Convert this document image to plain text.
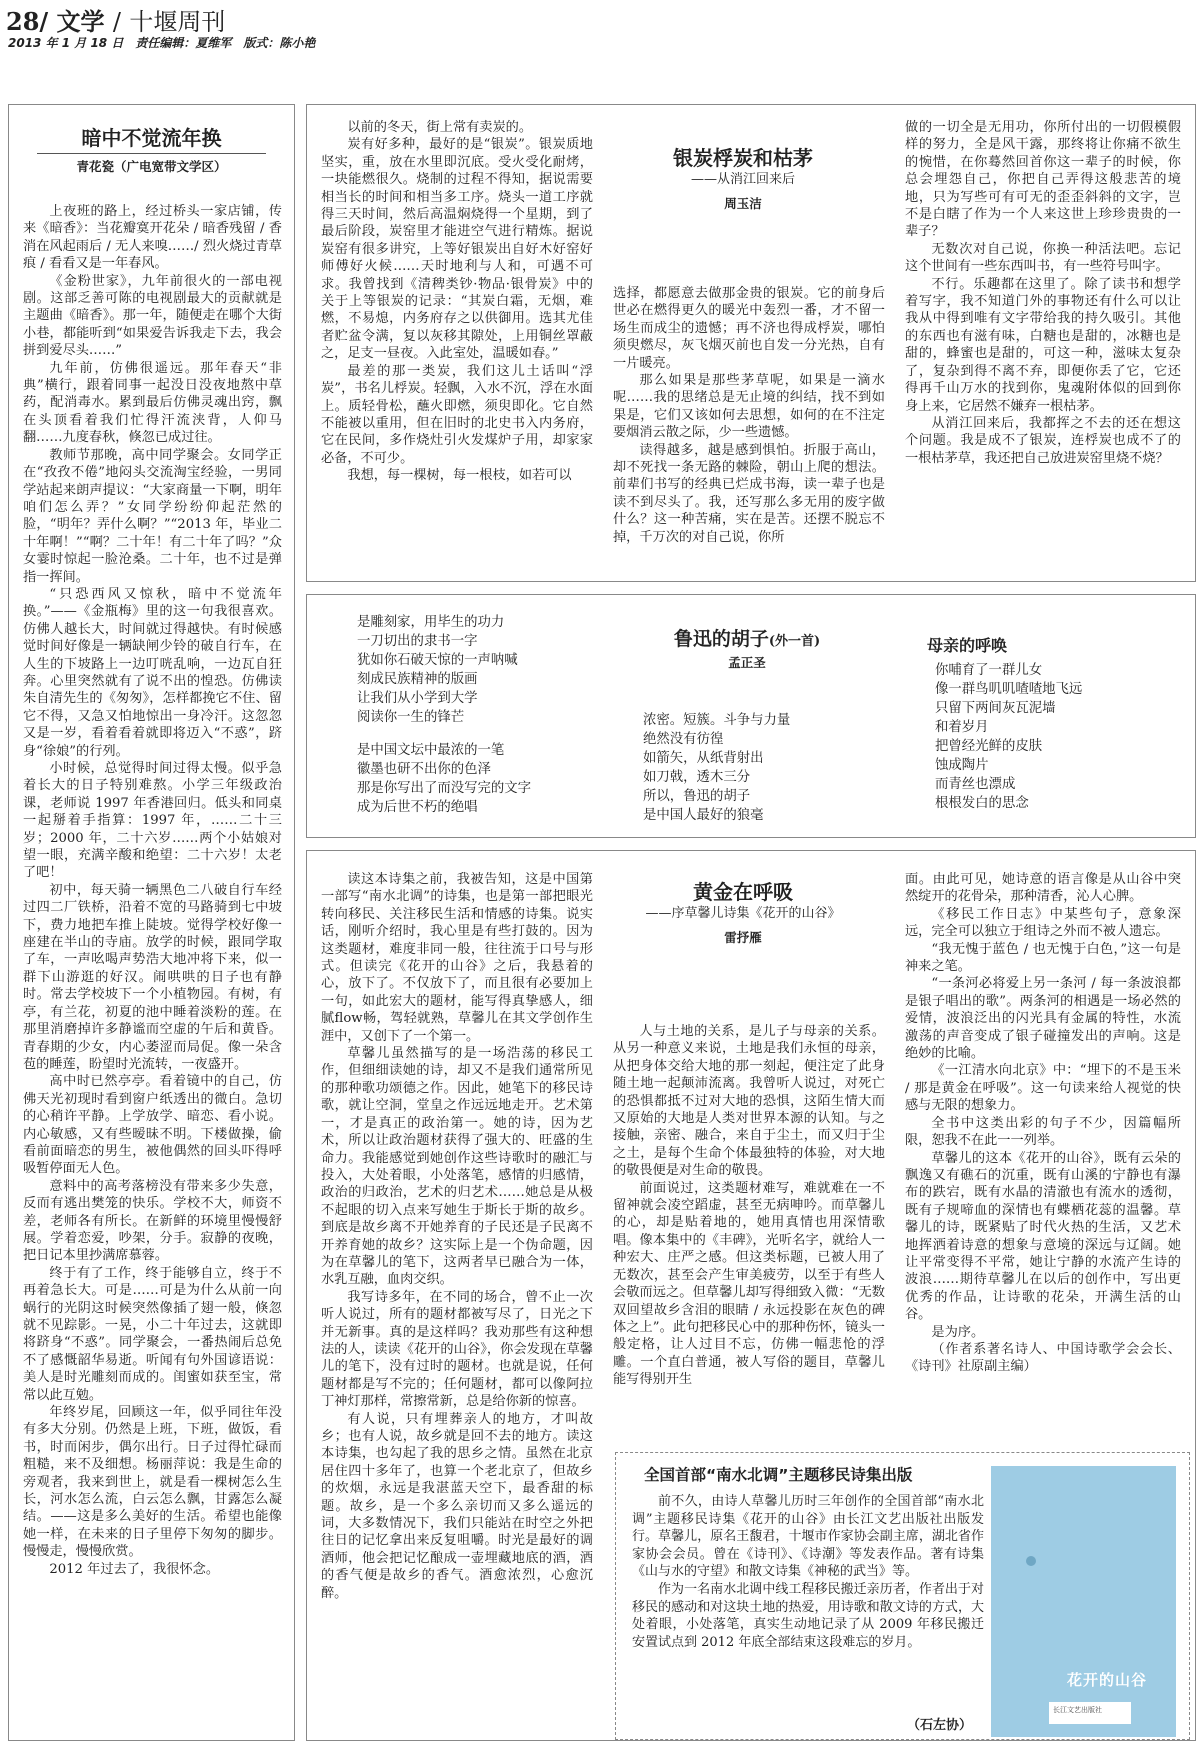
28/ 文学 / 十堰周刊
2013 年 1 月 18 日　责任编辑：夏维军　版式：陈小艳
暗中不觉流年换
青花瓷（广电宽带文学区）

上夜班的路上，经过桥头一家店铺，传来《暗香》：当花瓣寞开花朵 / 暗香残留 / 香消在风起雨后 / 无人来嗅……/ 烈火烧过青草痕 / 看看又是一年春风。

《金粉世家》，九年前很火的一部电视剧。这部乏善可陈的电视剧最大的贡献就是主题曲《暗香》。那一年，随便走在哪个大街小巷，都能听到“如果爱告诉我走下去，我会拼到爱尽头……”

九年前，仿佛很遥远。那年春天“非典”横行，跟着同事一起没日没夜地熬中草药，配消毒水。累到最后仿佛灵魂出窍，飘在头顶看着我们忙得汗流浃背，人仰马翻……九度春秋，倏忽已成过往。

教师节那晚，高中同学聚会。女同学正在“孜孜不倦”地闷头交流淘宝经验，一男同学站起来朗声提议：“大家商量一下啊，明年咱们怎么弄？”女同学纷纷仰起茫然的脸，“明年？弄什么啊？”“2013 年，毕业二十年啊！”“啊？二十年！有二十年了吗？”众女霎时惊起一脸沧桑。二十年，也不过是弹指一挥间。

“只恐西风又惊秋，暗中不觉流年换。”——《金瓶梅》里的这一句我很喜欢。仿佛人越长大，时间就过得越快。有时候感觉时间好像是一辆缺闸少铃的破自行车，在人生的下坡路上一边叮咣乱响，一边瓦自狂奔。心里突然就有了说不出的惶恐。仿佛读朱自清先生的《匆匆》，怎样都挽它不住、留它不得，又急又怕地惊出一身冷汗。这忽忽又是一岁，看着看着就即将迈入“不惑”，跻身“徐娘”的行列。

小时候，总觉得时间过得太慢。似乎急着长大的日子特别难熬。小学三年级政治课，老师说 1997 年香港回归。低头和同桌一起掰着手指算：1997 年，……二十三岁；2000 年，二十六岁……两个小姑娘对望一眼，充满辛酸和绝望：二十六岁！太老了吧！

初中，每天骑一辆黑色二八破自行车经过四二厂铁桥，沿着不宽的马路骑到七中坡下，费力地把车推上陡坡。觉得学校好像一座建在半山的寺庙。放学的时候，跟同学取了车，一声吆喝声势浩大地冲将下来，似一群下山游逛的好汉。闹哄哄的日子也有静时。常去学校坡下一个小植物园。有树，有亭，有兰花，初夏的池中睡着淡粉的莲。在那里消磨掉许多静谧而空虚的午后和黄昏。青春期的少女，内心萎涩而局促。像一朵含苞的睡莲，盼望时光流转，一夜盛开。

高中时已然亭亭。看着镜中的自己，仿佛天光初现时看到窗户纸透出的微白。急切的心稍许平静。上学放学、暗恋、看小说。内心敏感，又有些暧昧不明。下楼做操，偷看前面暗恋的男生，被他偶然的回头吓得呼吸暂停面无人色。

意料中的高考落榜没有带来多少失意，反而有逃出樊笼的快乐。学校不大，师资不差，老师各有所长。在新鲜的环境里慢慢舒展。学着恋爱，吵架，分手。寂静的夜晚，把日记本里抄满席慕蓉。

终于有了工作，终于能够自立，终于不再着急长大。可是……可是为什么从前一向蜗行的光阴这时候突然像插了翅一般，倏忽就不见踪影。一晃，小二十年过去，这就即将跻身“不惑”。同学聚会，一番热闹后总免不了感慨韶华易逝。听闻有句外国谚语说：美人是时光雕刻而成的。闺蜜如获至宝，常常以此互勉。

年终岁尾，回顾这一年，似乎同往年没有多大分别。仍然是上班，下班，做饭，看书，时而闲步，偶尔出行。日子过得忙碌而粗糙，来不及细想。杨丽萍说：我是生命的旁观者，我来到世上，就是看一棵树怎么生长，河水怎么流，白云怎么飘，甘露怎么凝结。——这是多么美好的生活。希望也能像她一样，在未来的日子里停下匆匆的脚步。慢慢走，慢慢欣赏。

2012 年过去了，我很怀念。

以前的冬天，街上常有卖炭的。

炭有好多种，最好的是“银炭”。银炭质地坚实，重，放在水里即沉底。受火受化耐烤，一块能燃很久。烧制的过程不得知，据说需要相当长的时间和相当多工序。烧头一道工序就得三天时间，然后高温焖烧得一个星期，到了最后阶段，炭窑里才能进空气进行精炼。据说炭窑有很多讲究，上等好银炭出自好木好窑好师傅好火候……天时地利与人和，可遇不可求。我曾找到《清稗类钞·物品·银骨炭》中的关于上等银炭的记录：“其炭白霜，无烟，难燃，不易熄，内务府存之以供御用。选其尤佳者贮盆令满，复以灰移其隙处，上用铜丝罩蔽之，足支一昼夜。入此室处，温暖如春。”

最差的那一类炭，我们这儿土话叫“浮炭”，书名儿桴炭。轻飘，入水不沉，浮在水面上。质轻骨松，蘸火即燃，须臾即化。它自然不能被以重用，但在旧时的北史书入内务府，它在民间，多作烧灶引火发煤炉子用，却家家必备，不可少。

我想，每一棵树，每一根枝，如若可以

银炭桴炭和枯茅
——从消江回来后
周玉洁

选择，都愿意去做那金贵的银炭。它的前身后世必在燃得更久的暖光中轰烈一番，才不留一场生而成尘的遗憾；再不济也得成桴炭，哪怕须臾燃尽，灰飞烟灭前也自发一分光热，自有一片暖亮。

那么如果是那些茅草呢，如果是一滴水呢……我的思绪总是无止境的纠结，找不到如果是，它们又该如何去思想，如何的在不注定要烟消云散之际，少一些遗憾。

读得越多，越是感到惧怕。折服于高山，却不死找一条无路的棘险，朝山上爬的想法。前辈们书写的经典已烂成书海，读一辈子也是读不到尽头了。我，还写那么多无用的废字做什么？这一种苦痛，实在是苦。还摆不脱忘不掉，千万次的对自己说，你所

做的一切全是无用功，你所付出的一切假模假样的努力，全是风干露，那终将让你痛不欲生的惋惜，在你蓦然回首你这一辈子的时候，你总会埋怨自己，你把自己弄得这般悲苦的境地，只为写些可有可无的歪歪斜斜的文字，岂不是白瞎了作为一个人来这世上珍珍贵贵的一辈子？

无数次对自己说，你换一种活法吧。忘记这个世间有一些东西叫书，有一些符号叫字。

不行。乐趣都在这里了。除了读书和想学着写字，我不知道门外的事物还有什么可以让我从中得到唯有文字带给我的持久吸引。其他的东西也有滋有味，白糖也是甜的，冰糖也是甜的，蜂蜜也是甜的，可这一种，滋味太复杂了，复杂到得不离不弃，即便你丢了它，它还得再千山万水的找到你，鬼魂附体似的回到你身上来，它居然不嫌弃一根枯茅。

从消江回来后，我都挥之不去的还在想这个问题。我是成不了银炭，连桴炭也成不了的一根枯茅草，我还把自己放进炭窑里烧不烧？

是雕刻家，用毕生的功力
一刀切出的隶书一字
犹如你石破天惊的一声呐喊
刻成民族精神的版画
让我们从小学到大学
阅读你一生的锋芒
是中国文坛中最浓的一笔
徽墨也研不出你的色泽
那是你写出了而没写完的文字
成为后世不朽的绝唱
鲁迅的胡子(外一首)
孟正圣
浓密。短簇。斗争与力量
绝然没有彷徨
如箭矢，从纸背射出
如刀戟，透木三分
所以，鲁迅的胡子
是中国人最好的狼毫
母亲的呼唤
你哺育了一群儿女
像一群鸟叽叽喳喳地飞远
只留下两间灰瓦泥墙
和着岁月
把曾经光鲜的皮肤
蚀成陶片
而青丝也漂成
根根发白的思念

读这本诗集之前，我被告知，这是中国第一部写“南水北调”的诗集，也是第一部把眼光转向移民、关注移民生活和情感的诗集。说实话，刚听介绍时，我心里是有些打鼓的。因为这类题材，难度非同一般，往往流于口号与形式。但读完《花开的山谷》之后，我悬着的心，放下了。不仅放下了，而且很有必要加上一句，如此宏大的题材，能写得真挚感人，细腻flow畅，驾轻就熟，草馨儿在其文学创作生涯中，又创下了一个第一。

草馨儿虽然描写的是一场浩荡的移民工作，但细细读她的诗，却又不是我们通常所见的那种歌功颂德之作。因此，她笔下的移民诗歌，就让空洞，堂皇之作远远地走开。艺术第一，才是真正的政治第一。她的诗，因为艺术，所以让政治题材获得了强大的、旺盛的生命力。我能感觉到她创作这些诗歌时的融汇与投入，大处着眼，小处落笔，感情的归感情，政治的归政治，艺术的归艺术……她总是从极不起眼的切入点来写她生于斯长于斯的故乡。到底是故乡离不开她养育的子民还是子民离不开养育她的故乡？这实际上是一个伪命题，因为在草馨儿的笔下，这两者早已融合为一体，水乳互融，血肉交织。

我写诗多年，在不同的场合，曾不止一次听人说过，所有的题材都被写尽了，日光之下并无新事。真的是这样吗？我劝那些有这种想法的人，读读《花开的山谷》，你会发现在草馨儿的笔下，没有过时的题材。也就是说，任何题材都是写不完的；任何题材，都可以像阿拉丁神灯那样，常擦常新，总是给你新的惊喜。

有人说，只有埋葬亲人的地方，才叫故乡；也有人说，故乡就是回不去的地方。读这本诗集，也勾起了我的思乡之情。虽然在北京居住四十多年了，也算一个老北京了，但故乡的炊烟，永远是我湛蓝天空下，最香甜的标题。故乡，是一个多么亲切而又多么遥远的词，大多数情况下，我们只能站在时空之外把往日的记忆拿出来反复咀嚼。时光是最好的调酒师，他会把记忆酿成一壶埋藏地底的酒，酒的香气便是故乡的香气。酒愈浓烈，心愈沉醉。

黄金在呼吸
——序草馨儿诗集《花开的山谷》
雷抒雁

人与土地的关系，是儿子与母亲的关系。从另一种意义来说，土地是我们永恒的母亲，从把身体交给大地的那一刻起，便注定了此身随土地一起颠沛流离。我曾听人说过，对死亡的恐惧都抵不过对大地的恐惧，这陌生情大而又原始的大地是人类对世界本源的认知。与之接触，亲密、融合，来自于尘土，而又归于尘之土，是每个生命个体最独特的体验，对大地的敬畏便是对生命的敬畏。

前面说过，这类题材难写，难就难在一不留神就会凌空蹈虚，甚至无病呻吟。而草馨儿的心，却是贴着地的，她用真情也用深情歌唱。像本集中的《丰碑》，光听名字，就给人一种宏大、庄严之感。但这类标题，已被人用了无数次，甚至会产生审美疲劳，以至于有些人会敬而远之。但草馨儿却写得细致入微：“无数双回望故乡含泪的眼睛 / 永远投影在灰色的碑体之上”。此句把移民心中的那种伤怀，镜头一般定格，让人过目不忘，仿佛一幅悲怆的浮雕。一个直白普通，被人写俗的题目，草馨儿能写得别开生

面。由此可见，她诗意的语言像是从山谷中突然绽开的花骨朵，那种清香，沁人心脾。

《移民工作日志》中某些句子，意象深远，完全可以独立于组诗之外而不被人遗忘。

“我无愧于蓝色 / 也无愧于白色，”这一句是神来之笔。

“一条河必将爱上另一条河 / 每一条波浪都是银子唱出的歌”。两条河的相遇是一场必然的爱情，波浪泛出的闪光具有金属的特性，水流激荡的声音变成了银子碰撞发出的声响。这是绝妙的比喻。

《一江清水向北京》中：“埋下的不是玉米 / 那是黄金在呼吸”。这一句读来给人视觉的快感与无限的想象力。

全书中这类出彩的句子不少，因篇幅所限，恕我不在此一一列举。

草馨儿的这本《花开的山谷》，既有云朵的飘逸又有礁石的沉重，既有山溪的宁静也有瀑布的跌宕，既有水晶的清澈也有流水的透彻，既有子规啼血的深情也有蝶栖花蕊的温馨。草馨儿的诗，既紧贴了时代火热的生活，又艺术地挥洒着诗意的想象与意境的深远与辽阔。她让平常变得不平常，她让宁静的水流产生诗的波浪……期待草馨儿在以后的创作中，写出更优秀的作品，让诗歌的花朵，开满生活的山谷。

是为序。

（作者系著名诗人、中国诗歌学会会长、《诗刊》社原副主编）

全国首部“南水北调”主题移民诗集出版

前不久，由诗人草馨儿历时三年创作的全国首部“南水北调”主题移民诗集《花开的山谷》由长江文艺出版社出版发行。草馨儿，原名王馥君，十堰市作家协会副主席，湖北省作家协会会员。曾在《诗刊》、《诗潮》等发表作品。著有诗集《山与水的守望》和散文诗集《神秘的武当》等。

作为一名南水北调中线工程移民搬迁亲历者，作者出于对移民的感动和对这块土地的热爱，用诗歌和散文诗的方式，大处着眼，小处落笔，真实生动地记录了从 2009 年移民搬迁安置试点到 2012 年底全部结束这段难忘的岁月。

（石左协）
花开的山谷
长江文艺出版社
